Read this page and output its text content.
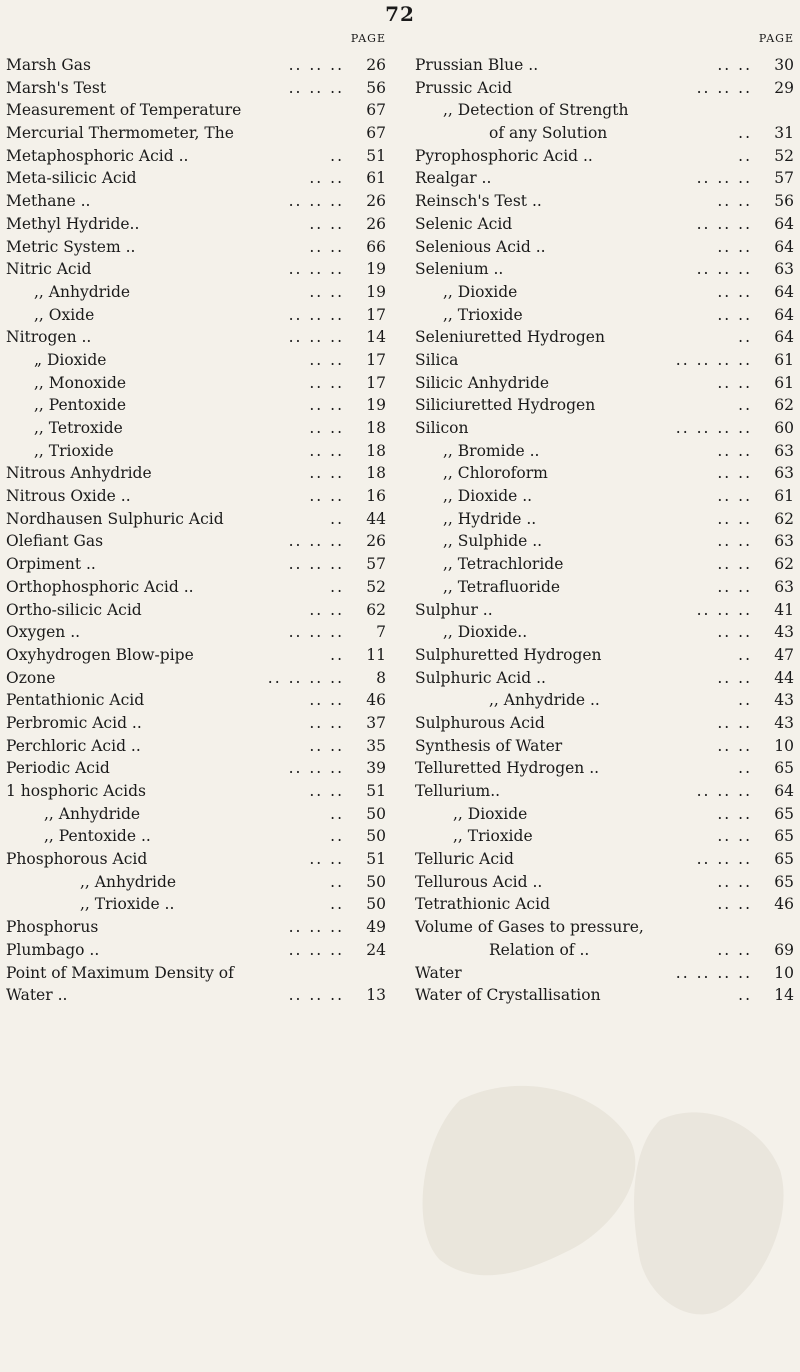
72
PAGE
Marsh Gas	.. .. ..	26
Marsh's Test	.. .. ..	56
Measurement of Temperature	67
Mercurial Thermometer, The	67
Metaphosphoric Acid ..	..	51
Meta-silicic Acid	.. ..	61
Methane ..	.. .. ..	26
Methyl Hydride..	.. ..	26
Metric System ..	.. ..	66
Nitric Acid	.. .. ..	19
,, Anhydride	.. ..	19
,, Oxide	.. .. ..	17
Nitrogen ..	.. .. ..	14
„ Dioxide	.. ..	17
,, Monoxide	.. ..	17
,, Pentoxide	.. ..	19
,, Tetroxide	.. ..	18
,, Trioxide	.. ..	18
Nitrous Anhydride	.. ..	18
Nitrous Oxide ..	.. ..	16
Nordhausen Sulphuric Acid	..	44
Olefiant Gas	.. .. ..	26
Orpiment ..	.. .. ..	57
Orthophosphoric Acid ..	..	52
Ortho-silicic Acid	.. ..	62
Oxygen ..	.. .. ..	7
Oxyhydrogen Blow-pipe	..	11
Ozone	.. .. .. ..	8
Pentathionic Acid	.. ..	46
Perbromic Acid ..	.. ..	37
Perchloric Acid ..	.. ..	35
Periodic Acid	.. .. ..	39
1 hosphoric Acids	.. ..	51
,, Anhydride	..	50
,, Pentoxide ..	..	50
Phosphorous Acid	.. ..	51
,, Anhydride	..	50
,, Trioxide ..	..	50
Phosphorus	.. .. ..	49
Plumbago ..	.. .. ..	24
Point of Maximum Density of
Water ..	.. .. ..	13
PAGE
Prussian Blue ..	.. ..	30
Prussic Acid	.. .. ..	29
,, Detection of Strength
of any Solution	..	31
Pyrophosphoric Acid ..	..	52
Realgar ..	.. .. ..	57
Reinsch's Test ..	.. ..	56
Selenic Acid	.. .. ..	64
Selenious Acid ..	.. ..	64
Selenium ..	.. .. ..	63
,, Dioxide	.. ..	64
,, Trioxide	.. ..	64
Seleniuretted Hydrogen	..	64
Silica	.. .. .. ..	61
Silicic Anhydride	.. ..	61
Siliciuretted Hydrogen	..	62
Silicon	.. .. .. ..	60
,, Bromide ..	.. ..	63
,, Chloroform	.. ..	63
,, Dioxide ..	.. ..	61
,, Hydride ..	.. ..	62
,, Sulphide ..	.. ..	63
,, Tetrachloride	.. ..	62
,, Tetrafluoride	.. ..	63
Sulphur ..	.. .. ..	41
,, Dioxide..	.. ..	43
Sulphuretted Hydrogen	..	47
Sulphuric Acid ..	.. ..	44
,, Anhydride ..	..	43
Sulphurous Acid	.. ..	43
Synthesis of Water	.. ..	10
Telluretted Hydrogen ..	..	65
Tellurium..	.. .. ..	64
,, Dioxide	.. ..	65
,, Trioxide	.. ..	65
Telluric Acid	.. .. ..	65
Tellurous Acid ..	.. ..	65
Tetrathionic Acid	.. ..	46
Volume of Gases to pressure,
Relation of ..	.. ..	69
Water	.. .. .. ..	10
Water of Crystallisation	..	14
